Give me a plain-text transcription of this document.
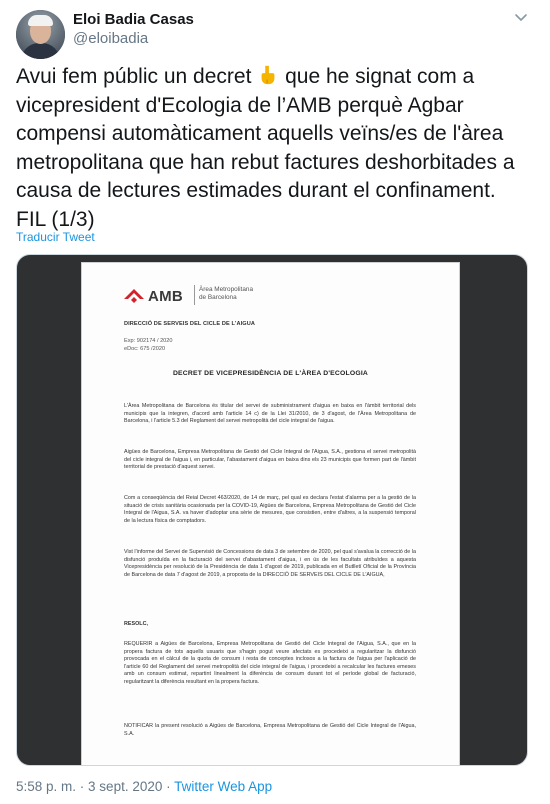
Eloi Badia Casas
@eloibadia
Avui fem públic un decret  que he signat com a
vicepresident d'Ecologia de l’AMB perquè Agbar
compensi automàticament aquells veïns/es de l'àrea
metropolitana que han rebut factures deshorbitades a
causa de lectures estimades durant el confinament.
FIL (1/3)
Traducir Tweet
AMB Àrea Metropolitana
de Barcelona
DIRECCIÓ DE SERVEIS DEL CICLE DE L'AIGUA
Exp: 902174 / 2020
eDoc: 675 /2020
DECRET DE VICEPRESIDÈNCIA DE L'ÀREA D'ECOLOGIA
L'Àrea Metropolitana de Barcelona és titular del servei de subministrament d'aigua en baixa en l'àmbit territorial dels municipis que la integren, d'acord amb l'article 14 c) de la Llei 31/2010, de 3 d'agost, de l'Àrea Metropolitana de Barcelona, i l'article 5.3 del Reglament del servei metropolità del cicle integral de l'aigua.
Aigües de Barcelona, Empresa Metropolitana de Gestió del Cicle Integral de l'Aigua, S.A., gestiona el servei metropolità del cicle integral de l'aigua i, en particular, l'abastament d'aigua en baixa dins els 23 municipis que formen part de l'àmbit territorial de prestació d'aquest servei.
Com a conseqüència del Reial Decret 463/2020, de 14 de març, pel qual es declara l'estat d'alarma per a la gestió de la situació de crisis sanitària ocasionada per la COVID-19, Aigües de Barcelona, Empresa Metropolitana de Gestió del Cicle Integral de l'Aigua, S.A. va haver d'adoptar una sèrie de mesures, que consistien, entre d'altres, a la suspensió temporal de la lectura física de comptadors.
Vist l'informe del Servei de Supervisió de Concessions de data 3 de setembre de 2020, pel qual s'avalua la correcció de la disfunció produïda en la facturació del servei d'abastament d'aigua, i en ús de les facultats atribuïdes a aquesta Vicepresidència per resolució de la Presidència de data 1 d'agost de 2019, publicada en el Butlletí Oficial de la Província de Barcelona de data 7 d'agost de 2019, a proposta de la DIRECCIÓ DE SERVEIS DEL CICLE DE L'AIGUA,
RESOLC,
REQUERIR a Aigües de Barcelona, Empresa Metropolitana de Gestió del Cicle Integral de l'Aigua, S.A., que en la propera factura de tots aquells usuaris que s'hagin pogut veure afectats es procedeixi a regularitzar la disfunció provocada en el càlcul de la quota de consum i resta de conceptes inclosos a la factura de l'aigua per l'aplicació de l'article 60 del Reglament del servei metropolità del cicle integral de l'aigua, i procedeixi a recalcular les factures emeses amb un consum estimat, repartint linealment la diferència de consum durant tot el període global de facturació, regularitzant la diferència resultant en la propera factura.
NOTIFICAR la present resolució a Aigües de Barcelona, Empresa Metropolitana de Gestió del Cicle Integral de l'Aigua, S.A.
5:58 p. m. · 3 sept. 2020 · Twitter Web App
